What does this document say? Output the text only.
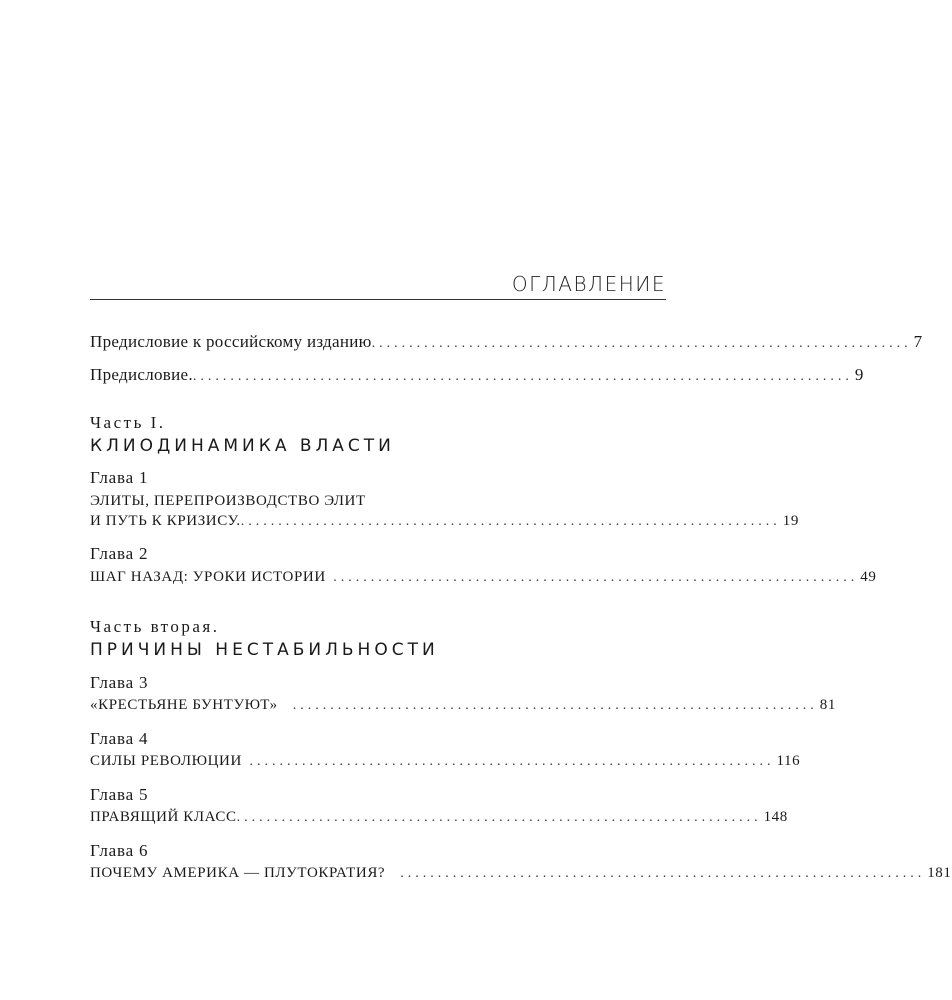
ОГЛАВЛЕНИЕ
Предисловие к российскому изданию ........................................................................ 7
Предисловие. ........................................................................................ 9
Часть I.
КЛИОДИНАМИКА ВЛАСТИ
Глава 1
ЭЛИТЫ, ПЕРЕПРОИЗВОДСТВО ЭЛИТ
И ПУТЬ К КРИЗИСУ. ........................................................................ 19
Глава 2
ШАГ НАЗАД: УРОКИ ИСТОРИИ ...................................................................... 49
Часть вторая.
ПРИЧИНЫ НЕСТАБИЛЬНОСТИ
Глава 3
«КРЕСТЬЯНЕ БУНТУЮТ» ...................................................................... 81
Глава 4
СИЛЫ РЕВОЛЮЦИИ ...................................................................... 116
Глава 5
ПРАВЯЩИЙ КЛАСС ...................................................................... 148
Глава 6
ПОЧЕМУ АМЕРИКА — ПЛУТОКРАТИЯ? ...................................................................... 181
